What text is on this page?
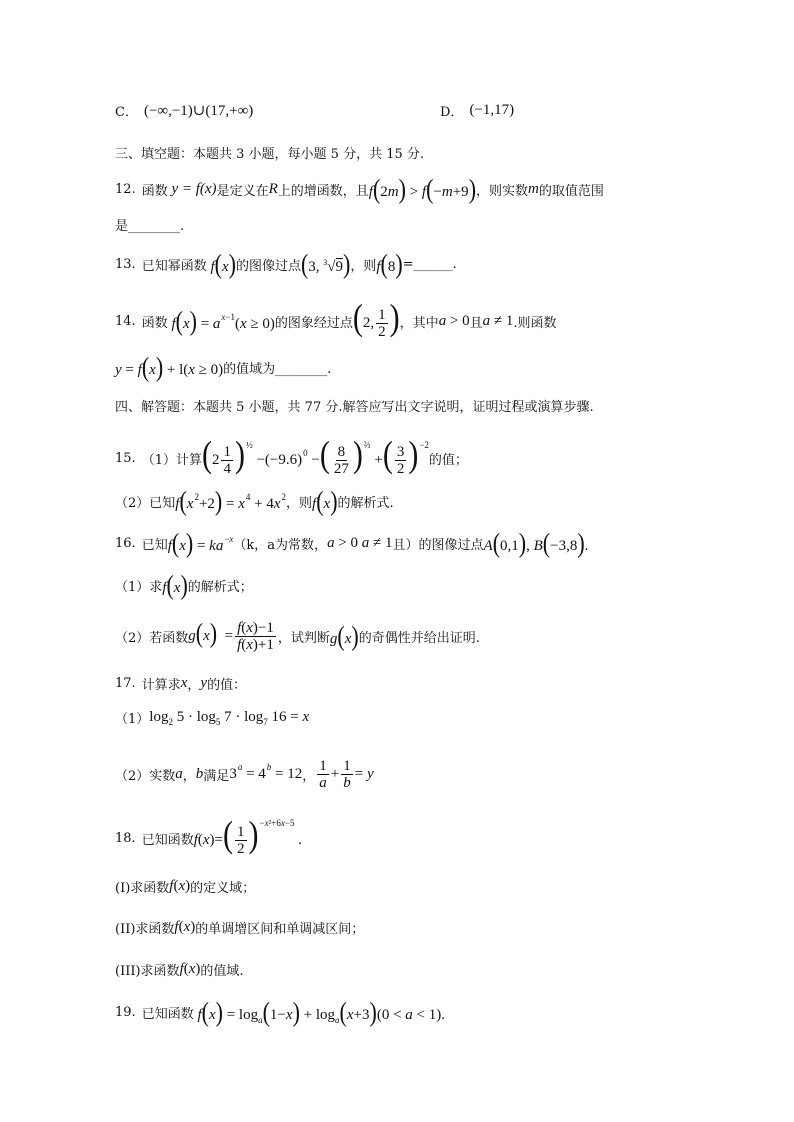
C． (−∞,−1)∪(17,+∞)	D． (−1,17)
三、填空题：本题共 3 小题，每小题 5 分，共 15 分.
12. 函数 y = f(x) 是定义在 R 上的增函数，且 f(2m) > f(−m+9) ，则实数 m 的取值范围
是________.
13. 已知幂函数 f(x) 的图像过点 (3, $^3$√9) ，则 f(8) =______.
14. 函数 $f(x) = a^{x-1}(x \ge 0)$ 的图象经过点 (2, $\frac{1}{2}$ ) ，其中 a > 0 且 a ≠ 1 .则函数
y = f(x) + l(x ≥ 0) 的值域为________.
四、解答题：本题共 5 小题，共 77 分.解答应写出文字说明，证明过程或演算步骤.
15. （1）计算 $(2 \frac{1}{4} )^{\frac{1}{2}} -(-9.6)^0$ −( $\frac{8}{27} )^{\frac{2}{3}}$ +( $\frac{3}{2} )^{-2}$
的值；
（2）已知 $f(x^2+2) = x^4 + 4x^2$ ，则 f(x) 的解析式.
16. 已知 $f(x) = ka^{-x}$ （k，a为常数， a > 0 a ≠ 1 且）的图像过点 A(0,1), B(−3,8).
（1）求 f(x) 的解析式；
（2）若函数 $g(x) = \frac{f(x)-1}{f(x)+1}$ ，试判断 g(x) 的奇偶性并给出证明.
17. 计算求 x ， y 的值：
（1） $\log_2 5 \cdot \log_5 7 \cdot \log_7 16 = x$
（2）实数 a ， b 满足 $3^a = 4^b = 12$ ， $\frac{1}{a} + \frac{1}{b} = y$
18. 已知函数 $f(x)=( \frac{1}{2} )^{-x^2+6x-5}$ .
(I)求函数 f(x) 的定义域；
(II)求函数 f(x) 的单调增区间和单调减区间；
(III)求函数 f(x) 的值域.
19. 已知函数 $f(x) = \log_a(1-x) + \log_a(x+3)(0 < a < 1)$.
